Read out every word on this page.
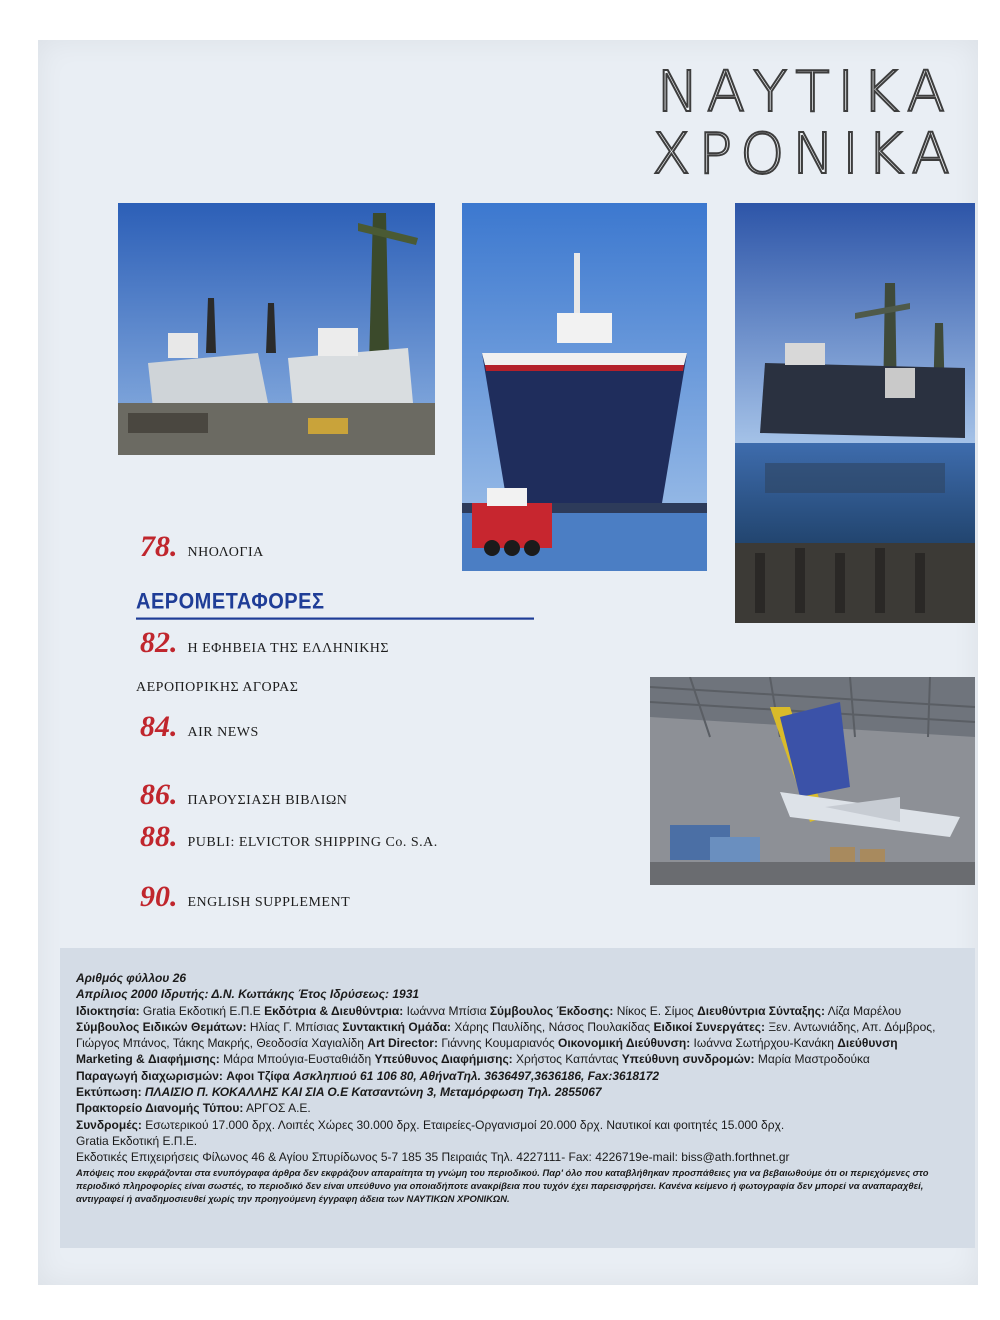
ΝΑΥΤΙΚΑ
ΧΡΟΝΙΚΑ
78. ΝΗΟΛΟΓΙΑ
ΑΕΡΟΜΕΤΑΦΟΡΕΣ
82. Η ΕΦΗΒΕΙΑ ΤΗΣ ΕΛΛΗΝΙΚΗΣ
ΑΕΡΟΠΟΡΙΚΗΣ ΑΓΟΡΑΣ
84. AIR NEWS
86. ΠΑΡΟΥΣΙΑΣΗ ΒΙΒΛΙΩΝ
88. PUBLI: ELVICTOR SHIPPING Co. S.A.
90. ENGLISH SUPPLEMENT
Αριθμός φύλλου 26
Απρίλιος 2000 Ιδρυτής: Δ.Ν. Κωττάκης Έτος Ιδρύσεως: 1931
Ιδιοκτησία: Gratia Εκδοτική Ε.Π.Ε Εκδότρια & Διευθύντρια: Ιωάννα Μπίσια Σύμβουλος Έκδοσης: Νίκος Ε. Σίμος Διευθύντρια Σύνταξης: Λίζα Μαρέλου Σύμβουλος Ειδικών Θεμάτων: Ηλίας Γ. Μπίσιας Συντακτική Ομάδα: Χάρης Παυλίδης, Νάσος Πουλακίδας Ειδικοί Συνεργάτες: Ξεν. Αντωνιάδης, Απ. Δόμβρος, Γιώργος Μπάνος, Τάκης Μακρής, Θεοδοσία Χαγιαλίδη Art Director: Γιάννης Κουμαριανός Οικονομική Διεύθυνση: Ιωάννα Σωτήρχου-Κανάκη Διεύθυνση Marketing & Διαφήμισης: Μάρα Μπούγια-Ευσταθιάδη Υπεύθυνος Διαφήμισης: Χρήστος Καπάντας Υπεύθυνη συνδρομών: Μαρία Μαστροδούκα
Παραγωγή διαχωρισμών: Αφοι Τζίφα Ασκληπιού 61 106 80, ΑθήναΤηλ. 3636497,3636186, Fax:3618172
Εκτύπωση: ΠΛΑΙΣΙΟ Π. ΚΟΚΑΛΛΗΣ ΚΑΙ ΣΙΑ Ο.Ε Κατσαντώνη 3, Μεταμόρφωση Τηλ. 2855067
Πρακτορείο Διανομής Τύπου: ΑΡΓΟΣ Α.Ε.
Συνδρομές: Εσωτερικού 17.000 δρχ. Λοιπές Χώρες 30.000 δρχ. Εταιρείες-Οργανισμοί 20.000 δρχ. Ναυτικοί και φοιτητές 15.000 δρχ.
Gratia Εκδοτική Ε.Π.Ε.
Εκδοτικές Επιχειρήσεις Φίλωνος 46 & Αγίου Σπυρίδωνος 5-7 185 35 Πειραιάς Τηλ. 4227111- Fax: 4226719e-mail: biss@ath.forthnet.gr
Απόψεις που εκφράζονται στα ενυπόγραφα άρθρα δεν εκφράζουν απαραίτητα τη γνώμη του περιοδικού. Παρ' όλο που καταβλήθηκαν προσπάθειες για να βεβαιωθούμε ότι οι περιεχόμενες στο περιοδικό πληροφορίες είναι σωστές, το περιοδικό δεν είναι υπεύθυνο για οποιαδήποτε ανακρίβεια που τυχόν έχει παρεισφρήσει. Κανένα κείμενο ή φωτογραφία δεν μπορεί να αναπαραχθεί, αντιγραφεί ή αναδημοσιευθεί χωρίς την προηγούμενη έγγραφη άδεια των ΝΑΥΤΙΚΩΝ ΧΡΟΝΙΚΩΝ.
